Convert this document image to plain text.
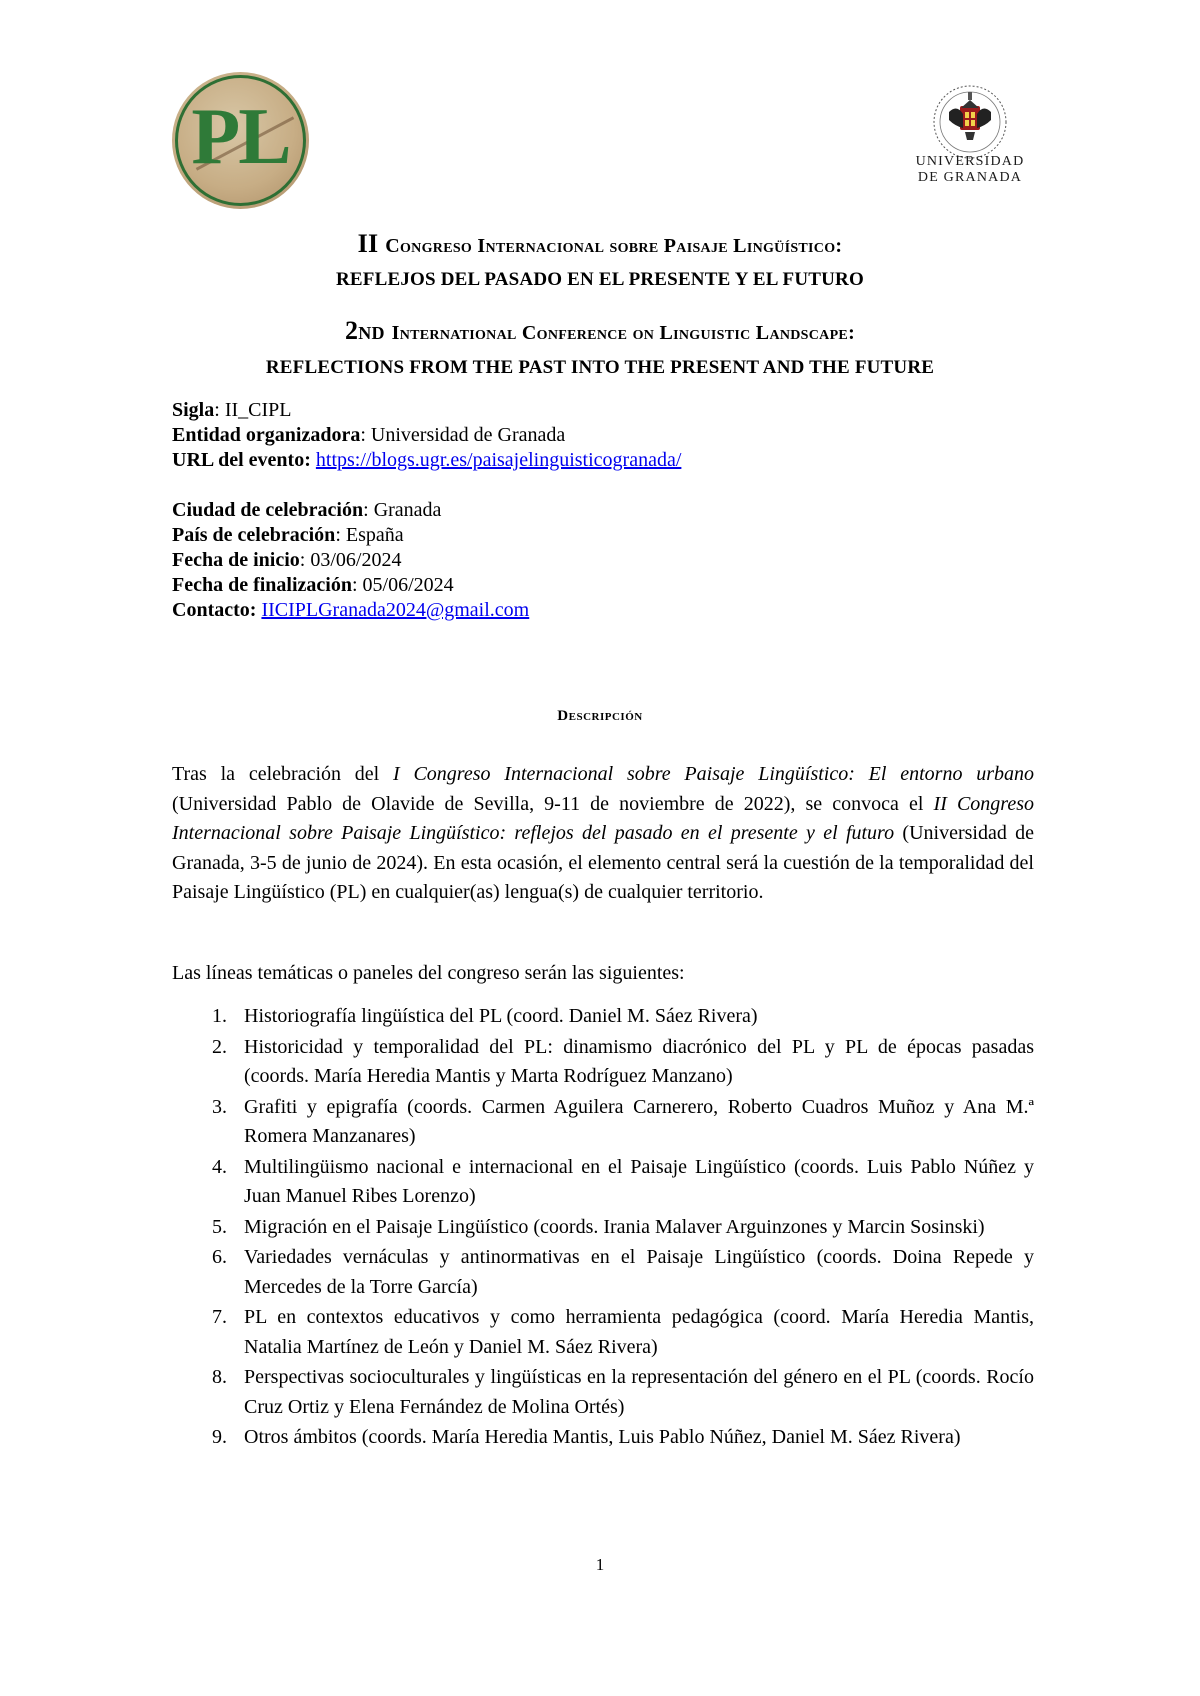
PL	UNIVERSIDAD
DE GRANADA
II Congreso Internacional sobre Paisaje Lingüístico:
REFLEJOS DEL PASADO EN EL PRESENTE Y EL FUTURO
2nd International Conference on Linguistic Landscape:
REFLECTIONS FROM THE PAST INTO THE PRESENT AND THE FUTURE
Sigla: II_CIPL
Entidad organizadora: Universidad de Granada
URL del evento: https://blogs.ugr.es/paisajelinguisticogranada/
Ciudad de celebración: Granada
País de celebración: España
Fecha de inicio: 03/06/2024
Fecha de finalización: 05/06/2024
Contacto: IICIPLGranada2024@gmail.com
Descripción
Tras la celebración del I Congreso Internacional sobre Paisaje Lingüístico: El entorno urbano (Universidad Pablo de Olavide de Sevilla, 9-11 de noviembre de 2022), se convoca el II Congreso Internacional sobre Paisaje Lingüístico: reflejos del pasado en el presente y el futuro (Universidad de Granada, 3-5 de junio de 2024). En esta ocasión, el elemento central será la cuestión de la temporalidad del Paisaje Lingüístico (PL) en cualquier(as) lengua(s) de cualquier territorio.
Las líneas temáticas o paneles del congreso serán las siguientes:
1. Historiografía lingüística del PL (coord. Daniel M. Sáez Rivera)
2. Historicidad y temporalidad del PL: dinamismo diacrónico del PL y PL de épocas pasadas (coords. María Heredia Mantis y Marta Rodríguez Manzano)
3. Grafiti y epigrafía (coords. Carmen Aguilera Carnerero, Roberto Cuadros Muñoz y Ana M.ª Romera Manzanares)
4. Multilingüismo nacional e internacional en el Paisaje Lingüístico (coords. Luis Pablo Núñez y Juan Manuel Ribes Lorenzo)
5. Migración en el Paisaje Lingüístico (coords. Irania Malaver Arguinzones y Marcin Sosinski)
6. Variedades vernáculas y antinormativas en el Paisaje Lingüístico (coords. Doina Repede y Mercedes de la Torre García)
7. PL en contextos educativos y como herramienta pedagógica (coord. María Heredia Mantis, Natalia Martínez de León y Daniel M. Sáez Rivera)
8. Perspectivas socioculturales y lingüísticas en la representación del género en el PL (coords. Rocío Cruz Ortiz y Elena Fernández de Molina Ortés)
9. Otros ámbitos (coords. María Heredia Mantis, Luis Pablo Núñez, Daniel M. Sáez Rivera)
1
